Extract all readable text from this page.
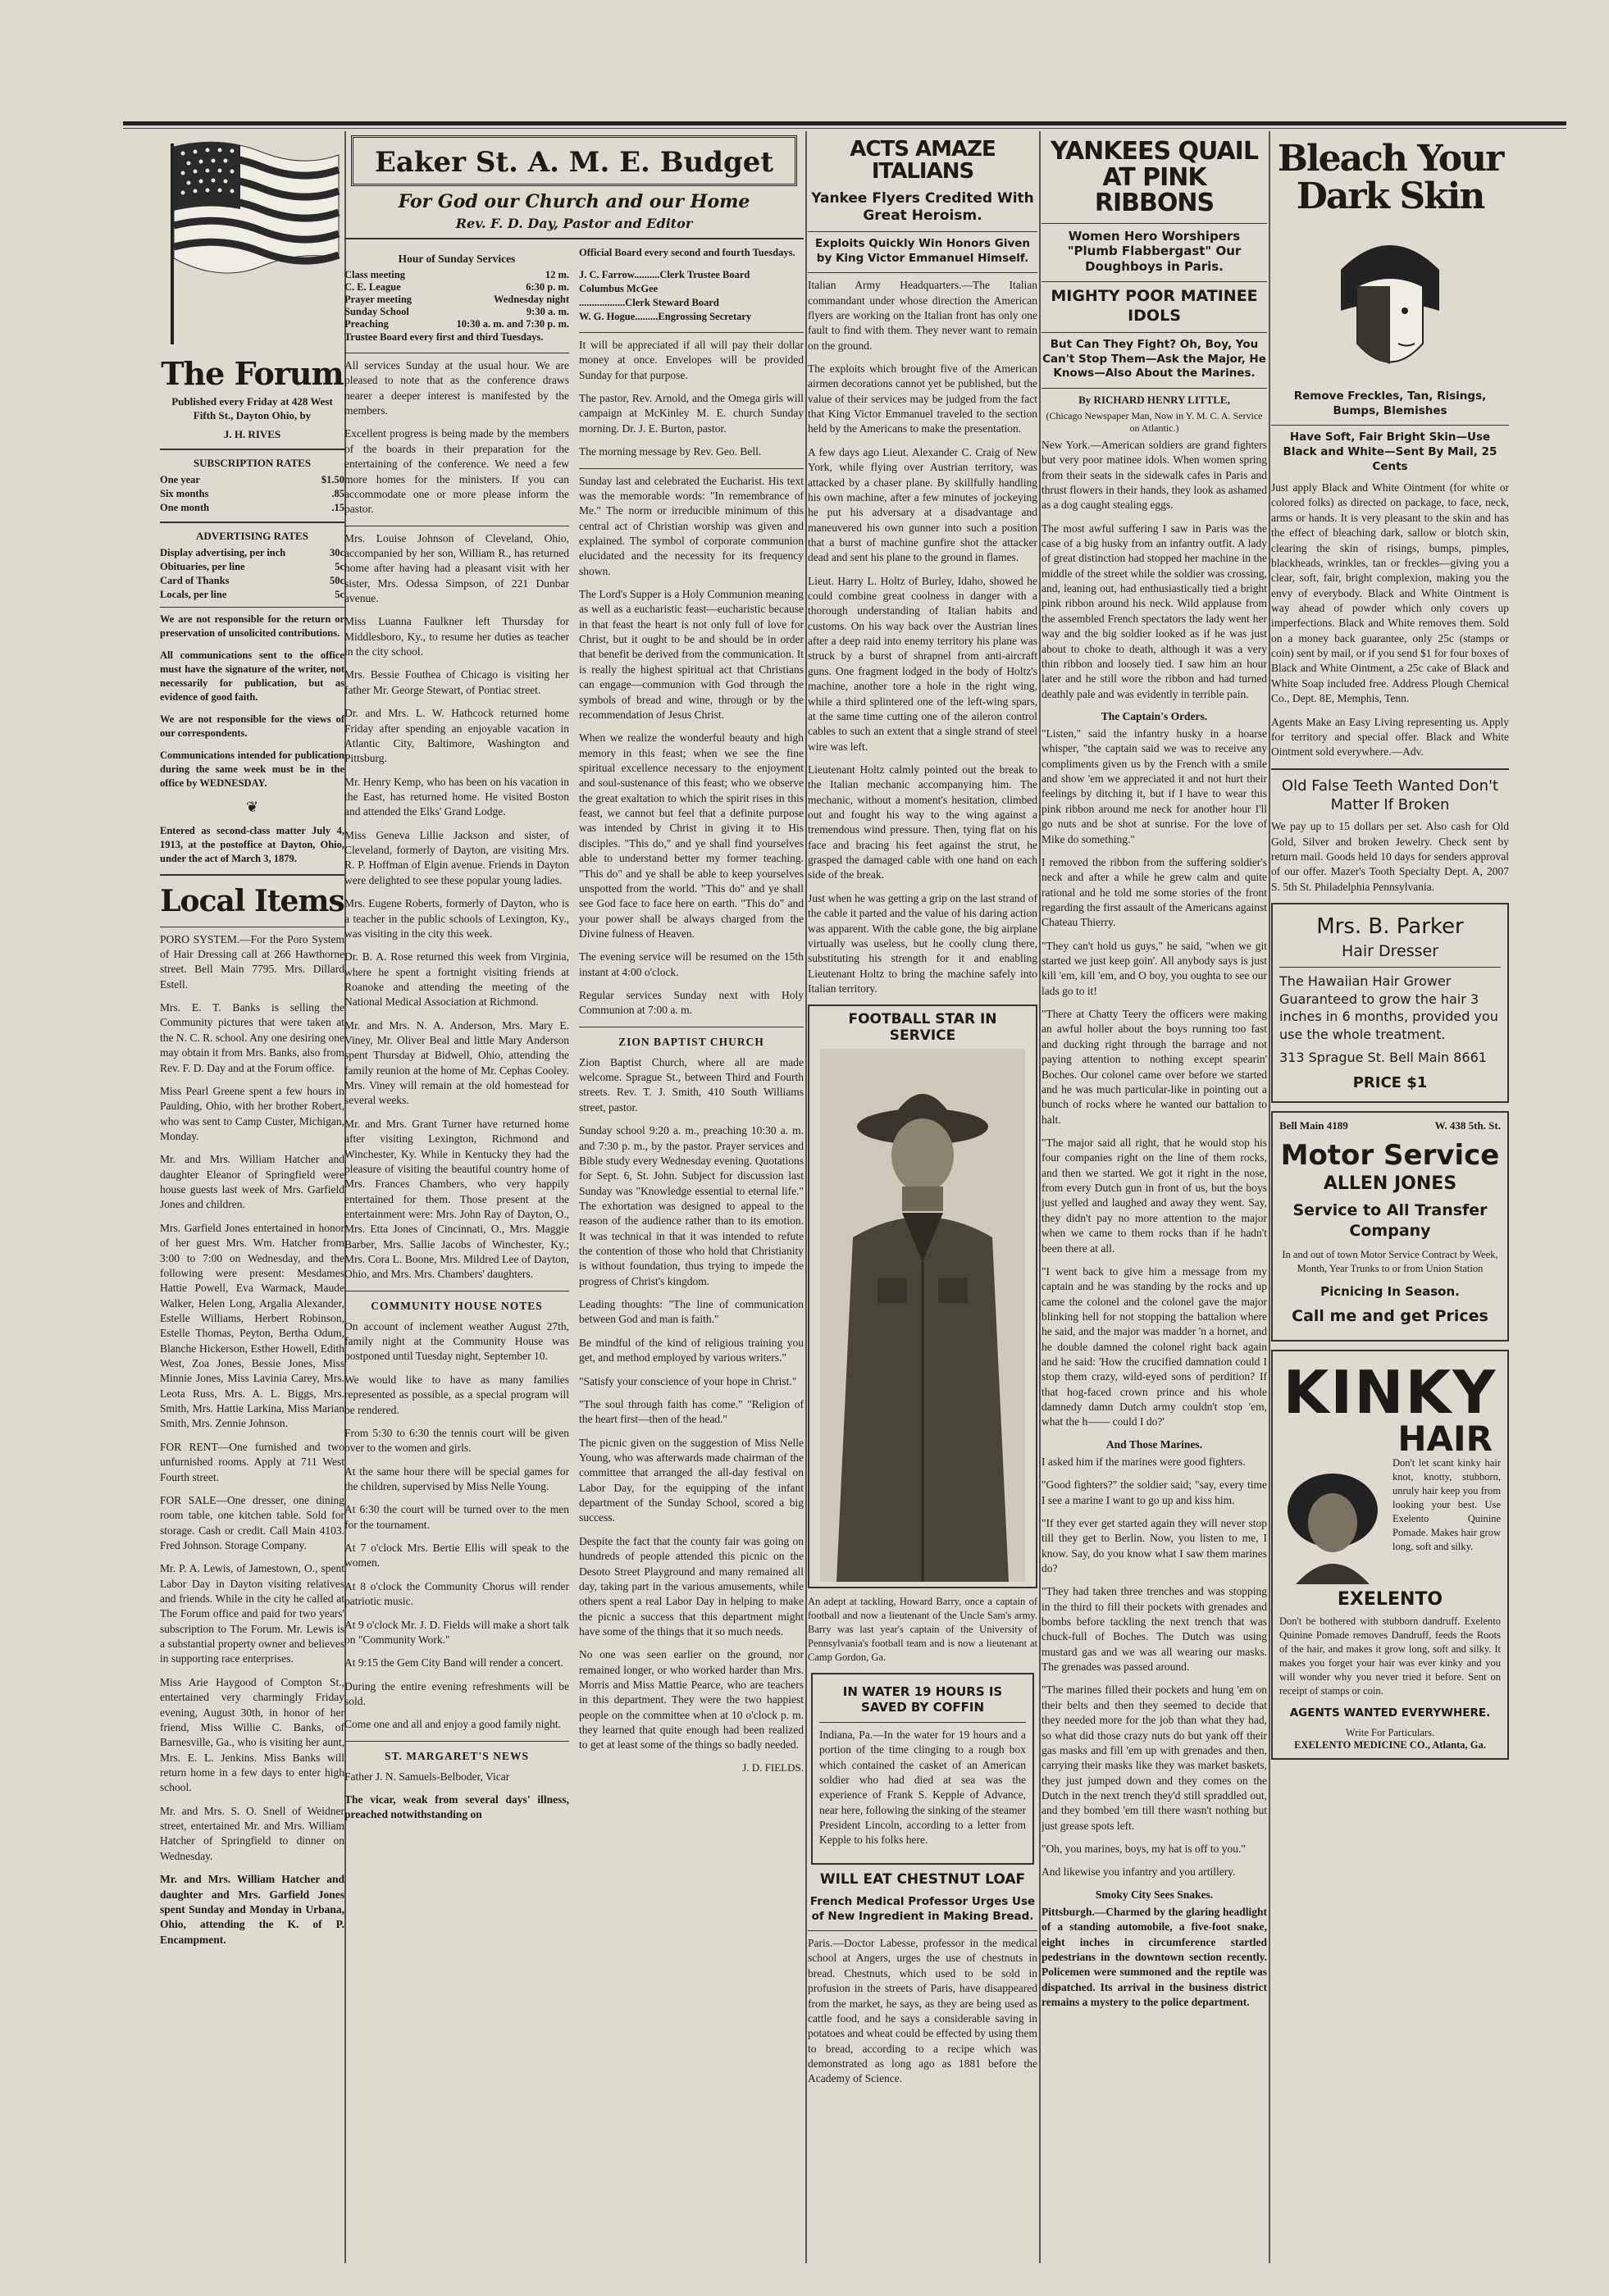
The Forum
Published every Friday at 428 West Fifth St., Dayton Ohio, by
J. H. RIVES
SUBSCRIPTION RATES
One year	$1.50
Six months	.85
One month	.15
ADVERTISING RATES
Display advertising, per inch	30c
Obituaries, per line	5c
Card of Thanks	50c
Locals, per line	5c

We are not responsible for the return or preservation of unsolicited contributions.

All communications sent to the office must have the signature of the writer, not necessarily for publication, but as evidence of good faith.

We are not responsible for the views of our correspondents.

Communications intended for publication during the same week must be in the office by WEDNESDAY.

❦

Entered as second-class matter July 4, 1913, at the postoffice at Dayton, Ohio, under the act of March 3, 1879.

Local Items

PORO SYSTEM.—For the Poro System of Hair Dressing call at 266 Hawthorne street. Bell Main 7795. Mrs. Dillard Estell.

Mrs. E. T. Banks is selling the Community pictures that were taken at the N. C. R. school. Any one desiring one may obtain it from Mrs. Banks, also from Rev. F. D. Day and at the Forum office.

Miss Pearl Greene spent a few hours in Paulding, Ohio, with her brother Robert, who was sent to Camp Custer, Michigan, Monday.

Mr. and Mrs. William Hatcher and daughter Eleanor of Springfield were house guests last week of Mrs. Garfield Jones and children.

Mrs. Garfield Jones entertained in honor of her guest Mrs. Wm. Hatcher from 3:00 to 7:00 on Wednesday, and the following were present: Mesdames Hattie Powell, Eva Warmack, Maude Walker, Helen Long, Argalia Alexander, Estelle Williams, Herbert Robinson, Estelle Thomas, Peyton, Bertha Odum, Blanche Hickerson, Esther Howell, Edith West, Zoa Jones, Bessie Jones, Miss Minnie Jones, Miss Lavinia Carey, Mrs. Leota Russ, Mrs. A. L. Biggs, Mrs. Smith, Mrs. Hattie Larkina, Miss Marian Smith, Mrs. Zennie Johnson.

FOR RENT—One furnished and two unfurnished rooms. Apply at 711 West Fourth street.

FOR SALE—One dresser, one dining room table, one kitchen table. Sold for storage. Cash or credit. Call Main 4103. Fred Johnson. Storage Company.

Mr. P. A. Lewis, of Jamestown, O., spent Labor Day in Dayton visiting relatives and friends. While in the city he called at The Forum office and paid for two years' subscription to The Forum. Mr. Lewis is a substantial property owner and believes in supporting race enterprises.

Miss Arie Haygood of Compton St., entertained very charmingly Friday evening, August 30th, in honor of her friend, Miss Willie C. Banks, of Barnesville, Ga., who is visiting her aunt, Mrs. E. L. Jenkins. Miss Banks will return home in a few days to enter high school.

Mr. and Mrs. S. O. Snell of Weidner street, entertained Mr. and Mrs. William Hatcher of Springfield to dinner on Wednesday.

Mr. and Mrs. William Hatcher and daughter and Mrs. Garfield Jones spent Sunday and Monday in Urbana, Ohio, attending the K. of P. Encampment.

Eaker St. A. M. E. Budget
For God our Church and our Home
Rev. F. D. Day, Pastor and Editor
Hour of Sunday Services
Class meeting	12 m.
C. E. League	6:30 p. m.
Prayer meeting	Wednesday night
Sunday School	9:30 a. m.
Preaching	10:30 a. m. and 7:30 p. m.

Trustee Board every first and third Tuesdays.

All services Sunday at the usual hour. We are pleased to note that as the conference draws nearer a deeper interest is manifested by the members.

Excellent progress is being made by the members of the boards in their preparation for the entertaining of the conference. We need a few more homes for the ministers. If you can accommodate one or more please inform the pastor.

Mrs. Louise Johnson of Cleveland, Ohio, accompanied by her son, William R., has returned home after having had a pleasant visit with her sister, Mrs. Odessa Simpson, of 221 Dunbar avenue.

Miss Luanna Faulkner left Thursday for Middlesboro, Ky., to resume her duties as teacher in the city school.

Mrs. Bessie Fouthea of Chicago is visiting her father Mr. George Stewart, of Pontiac street.

Dr. and Mrs. L. W. Hathcock returned home Friday after spending an enjoyable vacation in Atlantic City, Baltimore, Washington and Pittsburg.

Mr. Henry Kemp, who has been on his vacation in the East, has returned home. He visited Boston and attended the Elks' Grand Lodge.

Miss Geneva Lillie Jackson and sister, of Cleveland, formerly of Dayton, are visiting Mrs. R. P. Hoffman of Elgin avenue. Friends in Dayton were delighted to see these popular young ladies.

Mrs. Eugene Roberts, formerly of Dayton, who is a teacher in the public schools of Lexington, Ky., was visiting in the city this week.

Dr. B. A. Rose returned this week from Virginia, where he spent a fortnight visiting friends at Roanoke and attending the meeting of the National Medical Association at Richmond.

Mr. and Mrs. N. A. Anderson, Mrs. Mary E. Viney, Mr. Oliver Beal and little Mary Anderson spent Thursday at Bidwell, Ohio, attending the family reunion at the home of Mr. Cephas Cooley. Mrs. Viney will remain at the old homestead for several weeks.

Mr. and Mrs. Grant Turner have returned home after visiting Lexington, Richmond and Winchester, Ky. While in Kentucky they had the pleasure of visiting the beautiful country home of Mrs. Frances Chambers, who very happily entertained for them. Those present at the entertainment were: Mrs. John Ray of Dayton, O., Mrs. Etta Jones of Cincinnati, O., Mrs. Maggie Barber, Mrs. Sallie Jacobs of Winchester, Ky.; Mrs. Cora L. Boone, Mrs. Mildred Lee of Dayton, Ohio, and Mrs. Mrs. Chambers' daughters.

COMMUNITY HOUSE NOTES

On account of inclement weather August 27th, family night at the Community House was postponed until Tuesday night, September 10.

We would like to have as many families represented as possible, as a special program will be rendered.

From 5:30 to 6:30 the tennis court will be given over to the women and girls.

At the same hour there will be special games for the children, supervised by Miss Nelle Young.

At 6:30 the court will be turned over to the men for the tournament.

At 7 o'clock Mrs. Bertie Ellis will speak to the women.

At 8 o'clock the Community Chorus will render patriotic music.

At 9 o'clock Mr. J. D. Fields will make a short talk on "Community Work."

At 9:15 the Gem City Band will render a concert.

During the entire evening refreshments will be sold.

Come one and all and enjoy a good family night.

ST. MARGARET'S NEWS

Father J. N. Samuels-Belboder, Vicar

The vicar, weak from several days' illness, preached notwithstanding on

Official Board every second and fourth Tuesdays.

J. C. Farrow..........Clerk Trustee Board

Columbus McGee

..................Clerk Steward Board

W. G. Hogue.........Engrossing Secretary

It will be appreciated if all will pay their dollar money at once. Envelopes will be provided Sunday for that purpose.

The pastor, Rev. Arnold, and the Omega girls will campaign at McKinley M. E. church Sunday morning. Dr. J. E. Burton, pastor.

The morning message by Rev. Geo. Bell.

Sunday last and celebrated the Eucharist. His text was the memorable words: "In remembrance of Me." The norm or irreducible minimum of this central act of Christian worship was given and explained. The symbol of corporate communion elucidated and the necessity for its frequency shown.

The Lord's Supper is a Holy Communion meaning as well as a eucharistic feast—eucharistic because in that feast the heart is not only full of love for Christ, but it ought to be and should be in order that benefit be derived from the communication. It is really the highest spiritual act that Christians can engage—communion with God through the symbols of bread and wine, through or by the recommendation of Jesus Christ.

When we realize the wonderful beauty and high memory in this feast; when we see the fine spiritual excellence necessary to the enjoyment and soul-sustenance of this feast; who we observe the great exaltation to which the spirit rises in this feast, we cannot but feel that a definite purpose was intended by Christ in giving it to His disciples. "This do," and ye shall find yourselves able to understand better my former teaching. "This do" and ye shall be able to keep yourselves unspotted from the world. "This do" and ye shall see God face to face here on earth. "This do" and your power shall be always charged from the Divine fulness of Heaven.

The evening service will be resumed on the 15th instant at 4:00 o'clock.

Regular services Sunday next with Holy Communion at 7:00 a. m.

ZION BAPTIST CHURCH

Zion Baptist Church, where all are made welcome. Sprague St., between Third and Fourth streets. Rev. T. J. Smith, 410 South Williams street, pastor.

Sunday school 9:20 a. m., preaching 10:30 a. m. and 7:30 p. m., by the pastor. Prayer services and Bible study every Wednesday evening. Quotations for Sept. 6, St. John. Subject for discussion last Sunday was "Knowledge essential to eternal life." The exhortation was designed to appeal to the reason of the audience rather than to its emotion. It was technical in that it was intended to refute the contention of those who hold that Christianity is without foundation, thus trying to impede the progress of Christ's kingdom.

Leading thoughts: "The line of communication between God and man is faith."

Be mindful of the kind of religious training you get, and method employed by various writers."

"Satisfy your conscience of your hope in Christ."

"The soul through faith has come." "Religion of the heart first—then of the head."

The picnic given on the suggestion of Miss Nelle Young, who was afterwards made chairman of the committee that arranged the all-day festival on Labor Day, for the equipping of the infant department of the Sunday School, scored a big success.

Despite the fact that the county fair was going on hundreds of people attended this picnic on the Desoto Street Playground and many remained all day, taking part in the various amusements, while others spent a real Labor Day in helping to make the picnic a success that this department might have some of the things that it so much needs.

No one was seen earlier on the ground, nor remained longer, or who worked harder than Mrs. Morris and Miss Mattie Pearce, who are teachers in this department. They were the two happiest people on the committee when at 10 o'clock p. m. they learned that quite enough had been realized to get at least some of the things so badly needed.

J. D. FIELDS.
ACTS AMAZE ITALIANS
Yankee Flyers Credited With Great Heroism.
Exploits Quickly Win Honors Given by King Victor Emmanuel Himself.

Italian Army Headquarters.—The Italian commandant under whose direction the American flyers are working on the Italian front has only one fault to find with them. They never want to remain on the ground.

The exploits which brought five of the American airmen decorations cannot yet be published, but the value of their services may be judged from the fact that King Victor Emmanuel traveled to the section held by the Americans to make the presentation.

A few days ago Lieut. Alexander C. Craig of New York, while flying over Austrian territory, was attacked by a chaser plane. By skillfully handling his own machine, after a few minutes of jockeying he put his adversary at a disadvantage and maneuvered his own gunner into such a position that a burst of machine gunfire shot the attacker dead and sent his plane to the ground in flames.

Lieut. Harry L. Holtz of Burley, Idaho, showed he could combine great coolness in danger with a thorough understanding of Italian habits and customs. On his way back over the Austrian lines after a deep raid into enemy territory his plane was struck by a burst of shrapnel from anti-aircraft guns. One fragment lodged in the body of Holtz's machine, another tore a hole in the right wing, while a third splintered one of the left-wing spars, at the same time cutting one of the aileron control cables to such an extent that a single strand of steel wire was left.

Lieutenant Holtz calmly pointed out the break to the Italian mechanic accompanying him. The mechanic, without a moment's hesitation, climbed out and fought his way to the wing against a tremendous wind pressure. Then, tying flat on his face and bracing his feet against the strut, he grasped the damaged cable with one hand on each side of the break.

Just when he was getting a grip on the last strand of the cable it parted and the value of his daring action was apparent. With the cable gone, the big airplane virtually was useless, but he coolly clung there, substituting his strength for it and enabling Lieutenant Holtz to bring the machine safely into Italian territory.

FOOTBALL STAR IN SERVICE

An adept at tackling, Howard Barry, once a captain of football and now a lieutenant of the Uncle Sam's army. Barry was last year's captain of the University of Pennsylvania's football team and is now a lieutenant at Camp Gordon, Ga.

IN WATER 19 HOURS IS SAVED BY COFFIN

Indiana, Pa.—In the water for 19 hours and a portion of the time clinging to a rough box which contained the casket of an American soldier who had died at sea was the experience of Frank S. Kepple of Advance, near here, following the sinking of the steamer President Lincoln, according to a letter from Kepple to his folks here.

WILL EAT CHESTNUT LOAF
French Medical Professor Urges Use of New Ingredient in Making Bread.

Paris.—Doctor Labesse, professor in the medical school at Angers, urges the use of chestnuts in bread. Chestnuts, which used to be sold in profusion in the streets of Paris, have disappeared from the market, he says, as they are being used as cattle food, and he says a considerable saving in potatoes and wheat could be effected by using them to bread, according to a recipe which was demonstrated as long ago as 1881 before the Academy of Science.

YANKEES QUAIL AT PINK RIBBONS
Women Hero Worshipers "Plumb Flabbergast" Our Doughboys in Paris.
MIGHTY POOR MATINEE IDOLS
But Can They Fight? Oh, Boy, You Can't Stop Them—Ask the Major, He Knows—Also About the Marines.
By RICHARD HENRY LITTLE,
(Chicago Newspaper Man, Now in Y. M. C. A. Service on Atlantic.)

New York.—American soldiers are grand fighters but very poor matinee idols. When women spring from their seats in the sidewalk cafes in Paris and thrust flowers in their hands, they look as ashamed as a dog caught stealing eggs.

The most awful suffering I saw in Paris was the case of a big husky from an infantry outfit. A lady of great distinction had stopped her machine in the middle of the street while the soldier was crossing, and, leaning out, had enthusiastically tied a bright pink ribbon around his neck. Wild applause from the assembled French spectators the lady went her way and the big soldier looked as if he was just about to choke to death, although it was a very thin ribbon and loosely tied. I saw him an hour later and he still wore the ribbon and had turned deathly pale and was evidently in terrible pain.

The Captain's Orders.

"Listen," said the infantry husky in a hoarse whisper, "the captain said we was to receive any compliments given us by the French with a smile and show 'em we appreciated it and not hurt their feelings by ditching it, but if I have to wear this pink ribbon around me neck for another hour I'll go nuts and be shot at sunrise. For the love of Mike do something."

I removed the ribbon from the suffering soldier's neck and after a while he grew calm and quite rational and he told me some stories of the front regarding the first assault of the Americans against Chateau Thierry.

"They can't hold us guys," he said, "when we git started we just keep goin'. All anybody says is just kill 'em, kill 'em, and O boy, you oughta to see our lads go to it!

"There at Chatty Teery the officers were making an awful holler about the boys running too fast and ducking right through the barrage and not paying attention to nothing except spearin' Boches. Our colonel came over before we started and he was much particular-like in pointing out a bunch of rocks where he wanted our battalion to halt.

"The major said all right, that he would stop his four companies right on the line of them rocks, and then we started. We got it right in the nose, from every Dutch gun in front of us, but the boys just yelled and laughed and away they went. Say, they didn't pay no more attention to the major when we came to them rocks than if he hadn't been there at all.

"I went back to give him a message from my captain and he was standing by the rocks and up came the colonel and the colonel gave the major blinking hell for not stopping the battalion where he said, and the major was madder 'n a hornet, and he double damned the colonel right back again and he said: 'How the crucified damnation could I stop them crazy, wild-eyed sons of perdition? If that hog-faced crown prince and his whole damnedy damn Dutch army couldn't stop 'em, what the h—— could I do?'

And Those Marines.

I asked him if the marines were good fighters.

"Good fighters?" the soldier said; "say, every time I see a marine I want to go up and kiss him.

"If they ever get started again they will never stop till they get to Berlin. Now, you listen to me, I know. Say, do you know what I saw them marines do?

"They had taken three trenches and was stopping in the third to fill their pockets with grenades and bombs before tackling the next trench that was chuck-full of Boches. The Dutch was using mustard gas and we was all wearing our masks. The grenades was passed around.

"The marines filled their pockets and hung 'em on their belts and then they seemed to decide that they needed more for the job than what they had, so what did those crazy nuts do but yank off their gas masks and fill 'em up with grenades and then, carrying their masks like they was market baskets, they just jumped down and they comes on the Dutch in the next trench they'd still spraddled out, and they bombed 'em till there wasn't nothing but just grease spots left.

"Oh, you marines, boys, my hat is off to you."

And likewise you infantry and you artillery.

Smoky City Sees Snakes.

Pittsburgh.—Charmed by the glaring headlight of a standing automobile, a five-foot snake, eight inches in circumference startled pedestrians in the downtown section recently. Policemen were summoned and the reptile was dispatched. Its arrival in the business district remains a mystery to the police department.

Bleach Your Dark Skin
Remove Freckles, Tan, Risings, Bumps, Blemishes
Have Soft, Fair Bright Skin—Use Black and White—Sent By Mail, 25 Cents

Just apply Black and White Ointment (for white or colored folks) as directed on package, to face, neck, arms or hands. It is very pleasant to the skin and has the effect of bleaching dark, sallow or blotch skin, clearing the skin of risings, bumps, pimples, blackheads, wrinkles, tan or freckles—giving you a clear, soft, fair, bright complexion, making you the envy of everybody. Black and White Ointment is way ahead of powder which only covers up imperfections. Black and White removes them. Sold on a money back guarantee, only 25c (stamps or coin) sent by mail, or if you send $1 for four boxes of Black and White Ointment, a 25c cake of Black and White Soap included free. Address Plough Chemical Co., Dept. 8E, Memphis, Tenn.

Agents Make an Easy Living representing us. Apply for territory and special offer. Black and White Ointment sold everywhere.—Adv.

Old False Teeth Wanted Don't Matter If Broken

We pay up to 15 dollars per set. Also cash for Old Gold, Silver and broken Jewelry. Check sent by return mail. Goods held 10 days for senders approval of our offer. Mazer's Tooth Specialty Dept. A, 2007 S. 5th St. Philadelphia Pennsylvania.

Mrs. B. Parker
Hair Dresser
The Hawaiian Hair Grower Guaranteed to grow the hair 3 inches in 6 months, provided you use the whole treatment.
313 Sprague St. Bell Main 8661
PRICE $1
Bell Main 4189	W. 438 5th. St.
Motor Service
ALLEN JONES
Service to All Transfer Company

In and out of town Motor Service Contract by Week, Month, Year Trunks to or from Union Station

Picnicing In Season.
Call me and get Prices
KINKY
HAIR

Don't let scant kinky hair knot, knotty, stubborn, unruly hair keep you from looking your best. Use Exelento Quinine Pomade. Makes hair grow long, soft and silky.

EXELENTO

Don't be bothered with stubborn dandruff. Exelento Quinine Pomade removes Dandruff, feeds the Roots of the hair, and makes it grow long, soft and silky. It makes you forget your hair was ever kinky and you will wonder why you never tried it before. Sent on receipt of stamps or coin.

AGENTS WANTED EVERYWHERE.
Write For Particulars.
EXELENTO MEDICINE CO., Atlanta, Ga.
